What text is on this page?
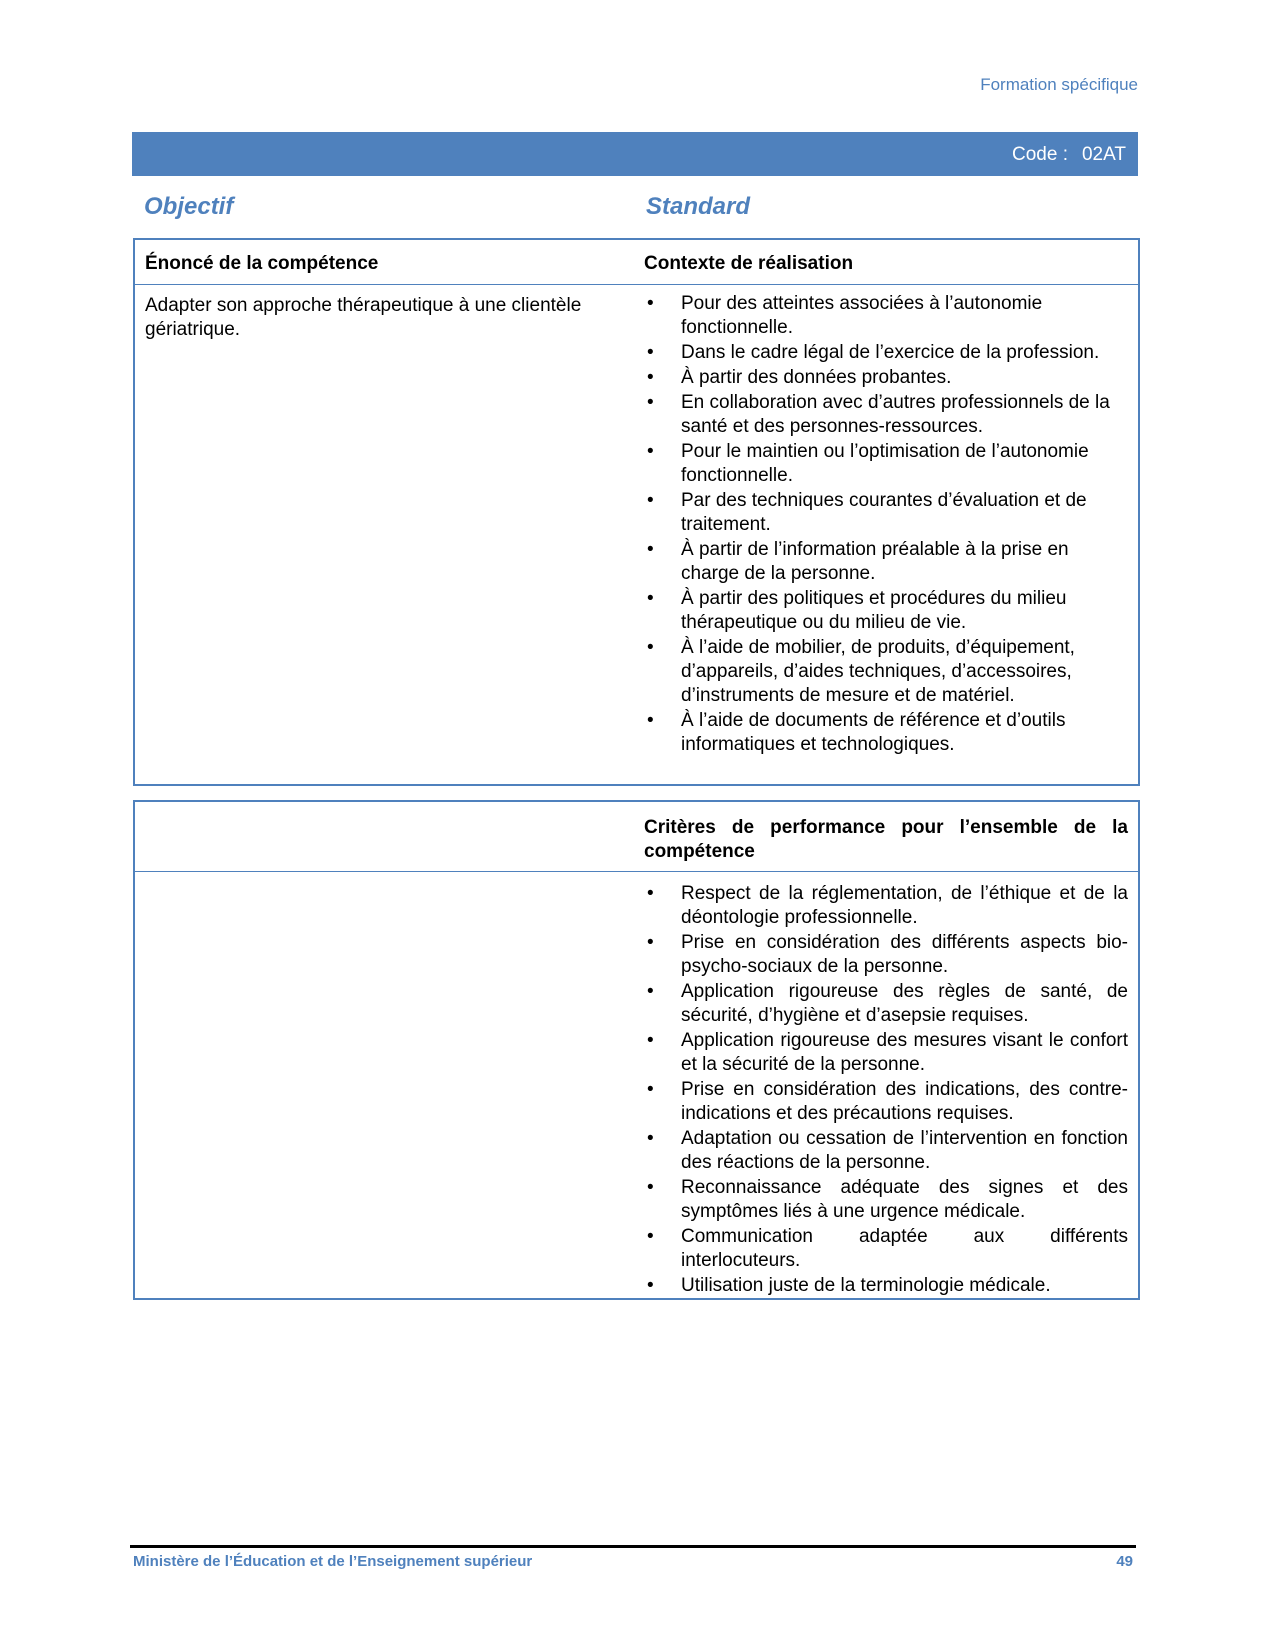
Formation spécifique
Code : 02AT
Objectif	Standard
Énoncé de la compétence	Contexte de réalisation
Adapter son approche thérapeutique à une clientèle gériatrique.
• Pour des atteintes associées à l’autonomie fonctionnelle.
• Dans le cadre légal de l’exercice de la profession.
• À partir des données probantes.
• En collaboration avec d’autres professionnels de la santé et des personnes-ressources.
• Pour le maintien ou l’optimisation de l’autonomie fonctionnelle.
• Par des techniques courantes d’évaluation et de traitement.
• À partir de l’information préalable à la prise en charge de la personne.
• À partir des politiques et procédures du milieu thérapeutique ou du milieu de vie.
• À l’aide de mobilier, de produits, d’équipement, d’appareils, d’aides techniques, d’accessoires, d’instruments de mesure et de matériel.
• À l’aide de documents de référence et d’outils informatiques et technologiques.
Critères de performance pour l’ensemble de la compétence
• Respect de la réglementation, de l’éthique et de la déontologie professionnelle.
• Prise en considération des différents aspects bio-psycho-sociaux de la personne.
• Application rigoureuse des règles de santé, de sécurité, d’hygiène et d’asepsie requises.
• Application rigoureuse des mesures visant le confort et la sécurité de la personne.
• Prise en considération des indications, des contre-indications et des précautions requises.
• Adaptation ou cessation de l’intervention en fonction des réactions de la personne.
• Reconnaissance adéquate des signes et des symptômes liés à une urgence médicale.
• Communication adaptée aux différents interlocuteurs.
• Utilisation juste de la terminologie médicale.
Ministère de l’Éducation et de l’Enseignement supérieur	49
